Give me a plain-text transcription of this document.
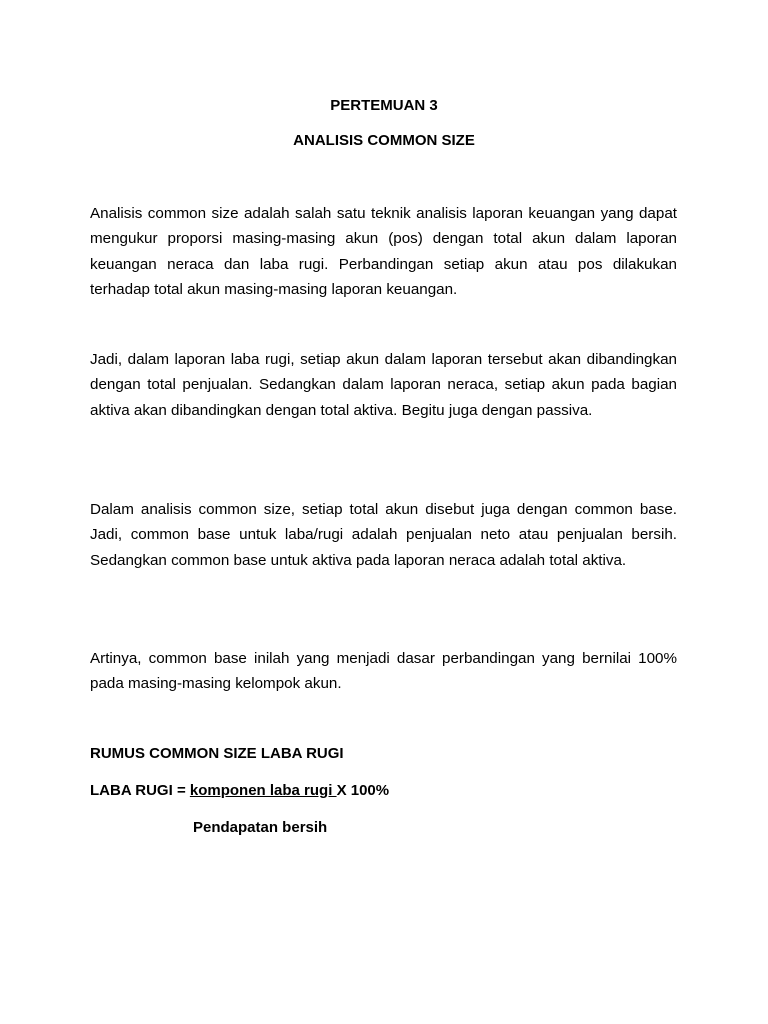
PERTEMUAN 3
ANALISIS COMMON SIZE

Analisis common size adalah salah satu teknik analisis laporan keuangan yang dapat mengukur proporsi masing-masing akun (pos) dengan total akun dalam laporan keuangan neraca dan laba rugi. Perbandingan setiap akun atau pos dilakukan terhadap total akun masing-masing laporan keuangan.

Jadi, dalam laporan laba rugi, setiap akun dalam laporan tersebut akan dibandingkan dengan total penjualan. Sedangkan dalam laporan neraca, setiap akun pada bagian aktiva akan dibandingkan dengan total aktiva. Begitu juga dengan passiva.

Dalam analisis common size, setiap total akun disebut juga dengan common base. Jadi, common base untuk laba/rugi adalah penjualan neto atau penjualan bersih. Sedangkan common base untuk aktiva pada laporan neraca adalah total aktiva.

Artinya, common base inilah yang menjadi dasar perbandingan yang bernilai 100% pada masing-masing kelompok akun.

RUMUS COMMON SIZE LABA RUGI
LABA RUGI = komponen laba rugi X 100%
Pendapatan bersih
